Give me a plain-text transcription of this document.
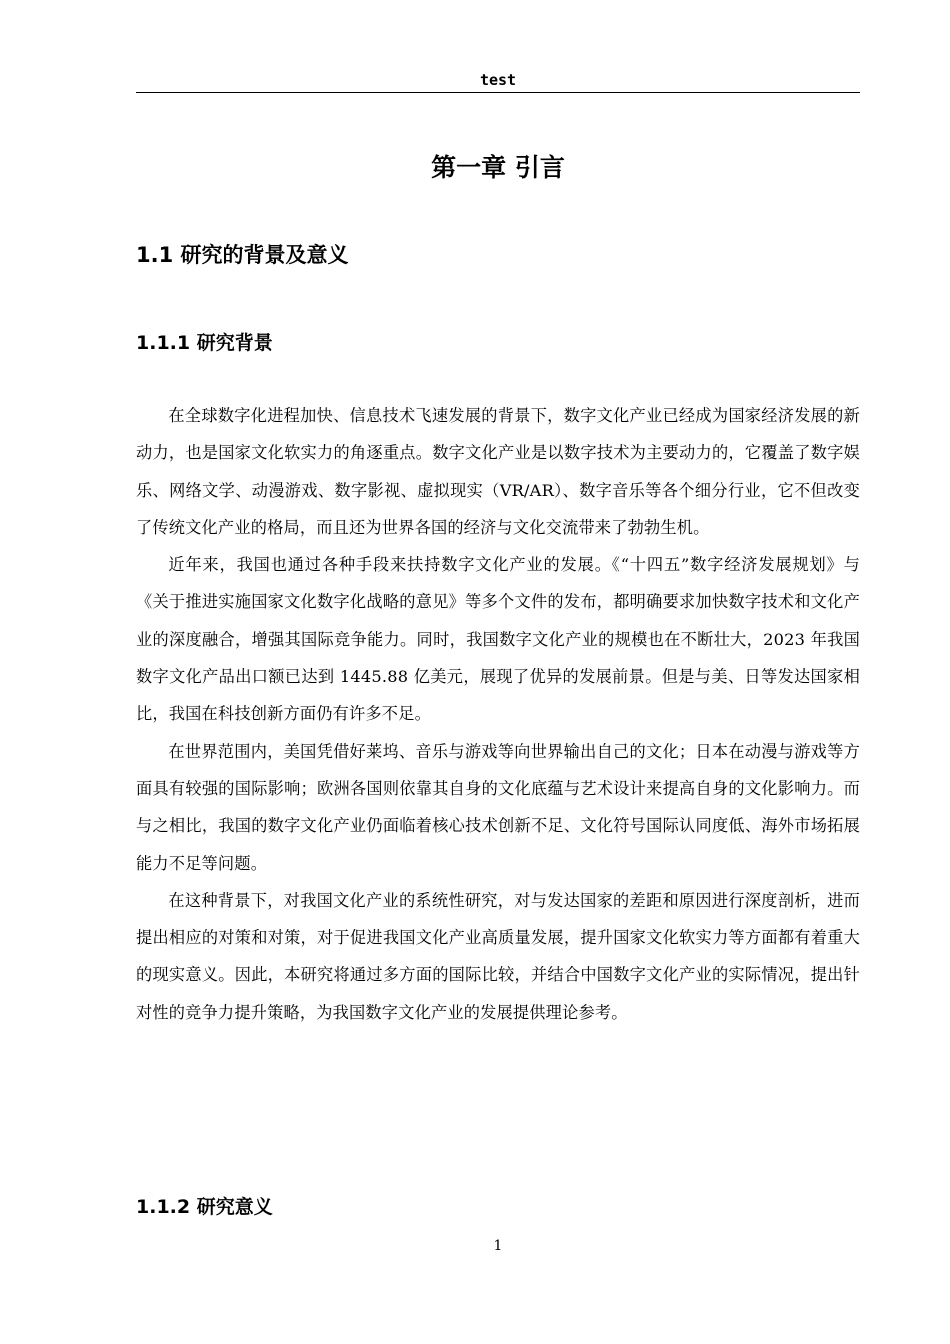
test
第一章 引言
1.1 研究的背景及意义
1.1.1 研究背景

在全球数字化进程加快、信息技术飞速发展的背景下，数字文化产业已经成为国家经济发展的新动力，也是国家文化软实力的角逐重点。数字文化产业是以数字技术为主要动力的，它覆盖了数字娱乐、网络文学、动漫游戏、数字影视、虚拟现实（VR/AR）、数字音乐等各个细分行业，它不但改变了传统文化产业的格局，而且还为世界各国的经济与文化交流带来了勃勃生机。

近年来，我国也通过各种手段来扶持数字文化产业的发展。《“十四五”数字经济发展规划》与《关于推进实施国家文化数字化战略的意见》等多个文件的发布，都明确要求加快数字技术和文化产业的深度融合，增强其国际竞争能力。同时，我国数字文化产业的规模也在不断壮大，2023 年我国数字文化产品出口额已达到 1445.88 亿美元，展现了优异的发展前景。但是与美、日等发达国家相比，我国在科技创新方面仍有许多不足。

在世界范围内，美国凭借好莱坞、音乐与游戏等向世界输出自己的文化；日本在动漫与游戏等方面具有较强的国际影响；欧洲各国则依靠其自身的文化底蕴与艺术设计来提高自身的文化影响力。而与之相比，我国的数字文化产业仍面临着核心技术创新不足、文化符号国际认同度低、海外市场拓展能力不足等问题。

在这种背景下，对我国文化产业的系统性研究，对与发达国家的差距和原因进行深度剖析，进而提出相应的对策和对策，对于促进我国文化产业高质量发展，提升国家文化软实力等方面都有着重大的现实意义。因此，本研究将通过多方面的国际比较，并结合中国数字文化产业的实际情况，提出针对性的竞争力提升策略，为我国数字文化产业的发展提供理论参考。

1.1.2 研究意义
1
